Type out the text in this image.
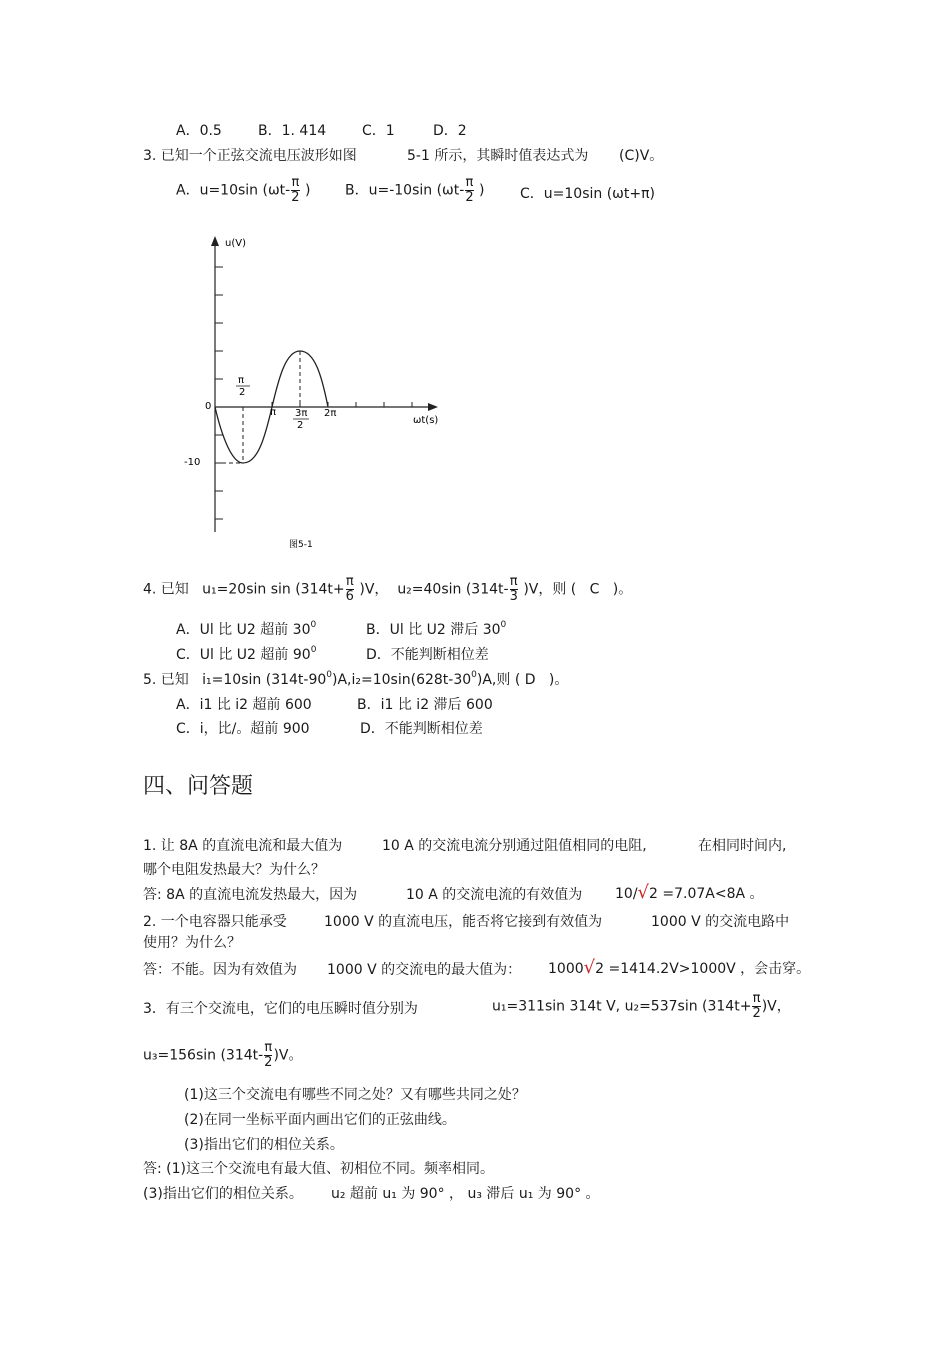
A．0.5	B．1. 414	C．1	D．2
3. 已知一个正弦交流电压波形如图	5-1 所示，其瞬时值表达式为 (C)V。
A．u=10sin ($\omega t- \frac{\pi}{2}$ ) B．u=-10sin ($\omega t- \frac{\pi}{2}$ )	C．u=10sin (ωt+π)
u(V)
ωt(s)
0
-10
π
2
π 3π
2
2π
图5-1
4. 已知 u₁=20sin $\sin (314t+ \frac{\pi}{6} )V$， u₂=40sin $(314t- \frac{\pi}{3} )V$，则 ( C )。
A．Ul 比 U2 超前 $30^0$	B．Ul 比 U2 滞后 $30^0$
C．Ul 比 U2 超前 $90^0$	D．不能判断相位差
5. 已知 i₁=10sin $(314t-90^0)A,i_2=10\sin(628t-30^0)A$,则 ( D )。
A．i1 比 i2 超前 600	B．i1 比 i2 滞后 600
C．i，比/。超前 900	D．不能判断相位差
四、问答题
1. 让 8A 的直流电流和最大值为	10 A 的交流电流分别通过阻值相同的电阻,	在相同时间内,
哪个电阻发热最大？为什么？
答: 8A 的直流电流发热最大，因为	10 A 的交流电流的有效值为 10/√2 =7.07A<8A 。
2. 一个电容器只能承受	1000 V 的直流电压，能否将它接到有效值为	1000 V 的交流电路中
使用？为什么？
答：不能。因为有效值为 1000 V 的交流电的最大值为： 1000√2 =1414.2V>1000V ，会击穿。
3．有三个交流电，它们的电压瞬时值分别为	u₁=311sin 314t V, u₂=537sin $(314t+ \frac{\pi}{2} )V$，
u₃=156sin $(314t- \frac{\pi}{2} )V$。
(1)这三个交流电有哪些不同之处？又有哪些共同之处？
(2)在同一坐标平面内画出它们的正弦曲线。
(3)指出它们的相位关系。
答: (1)这三个交流电有最大值、初相位不同。频率相同。
(3)指出它们的相位关系。 u₂ 超前 u₁ 为 90° ， u₃ 滞后 u₁ 为 90° 。
